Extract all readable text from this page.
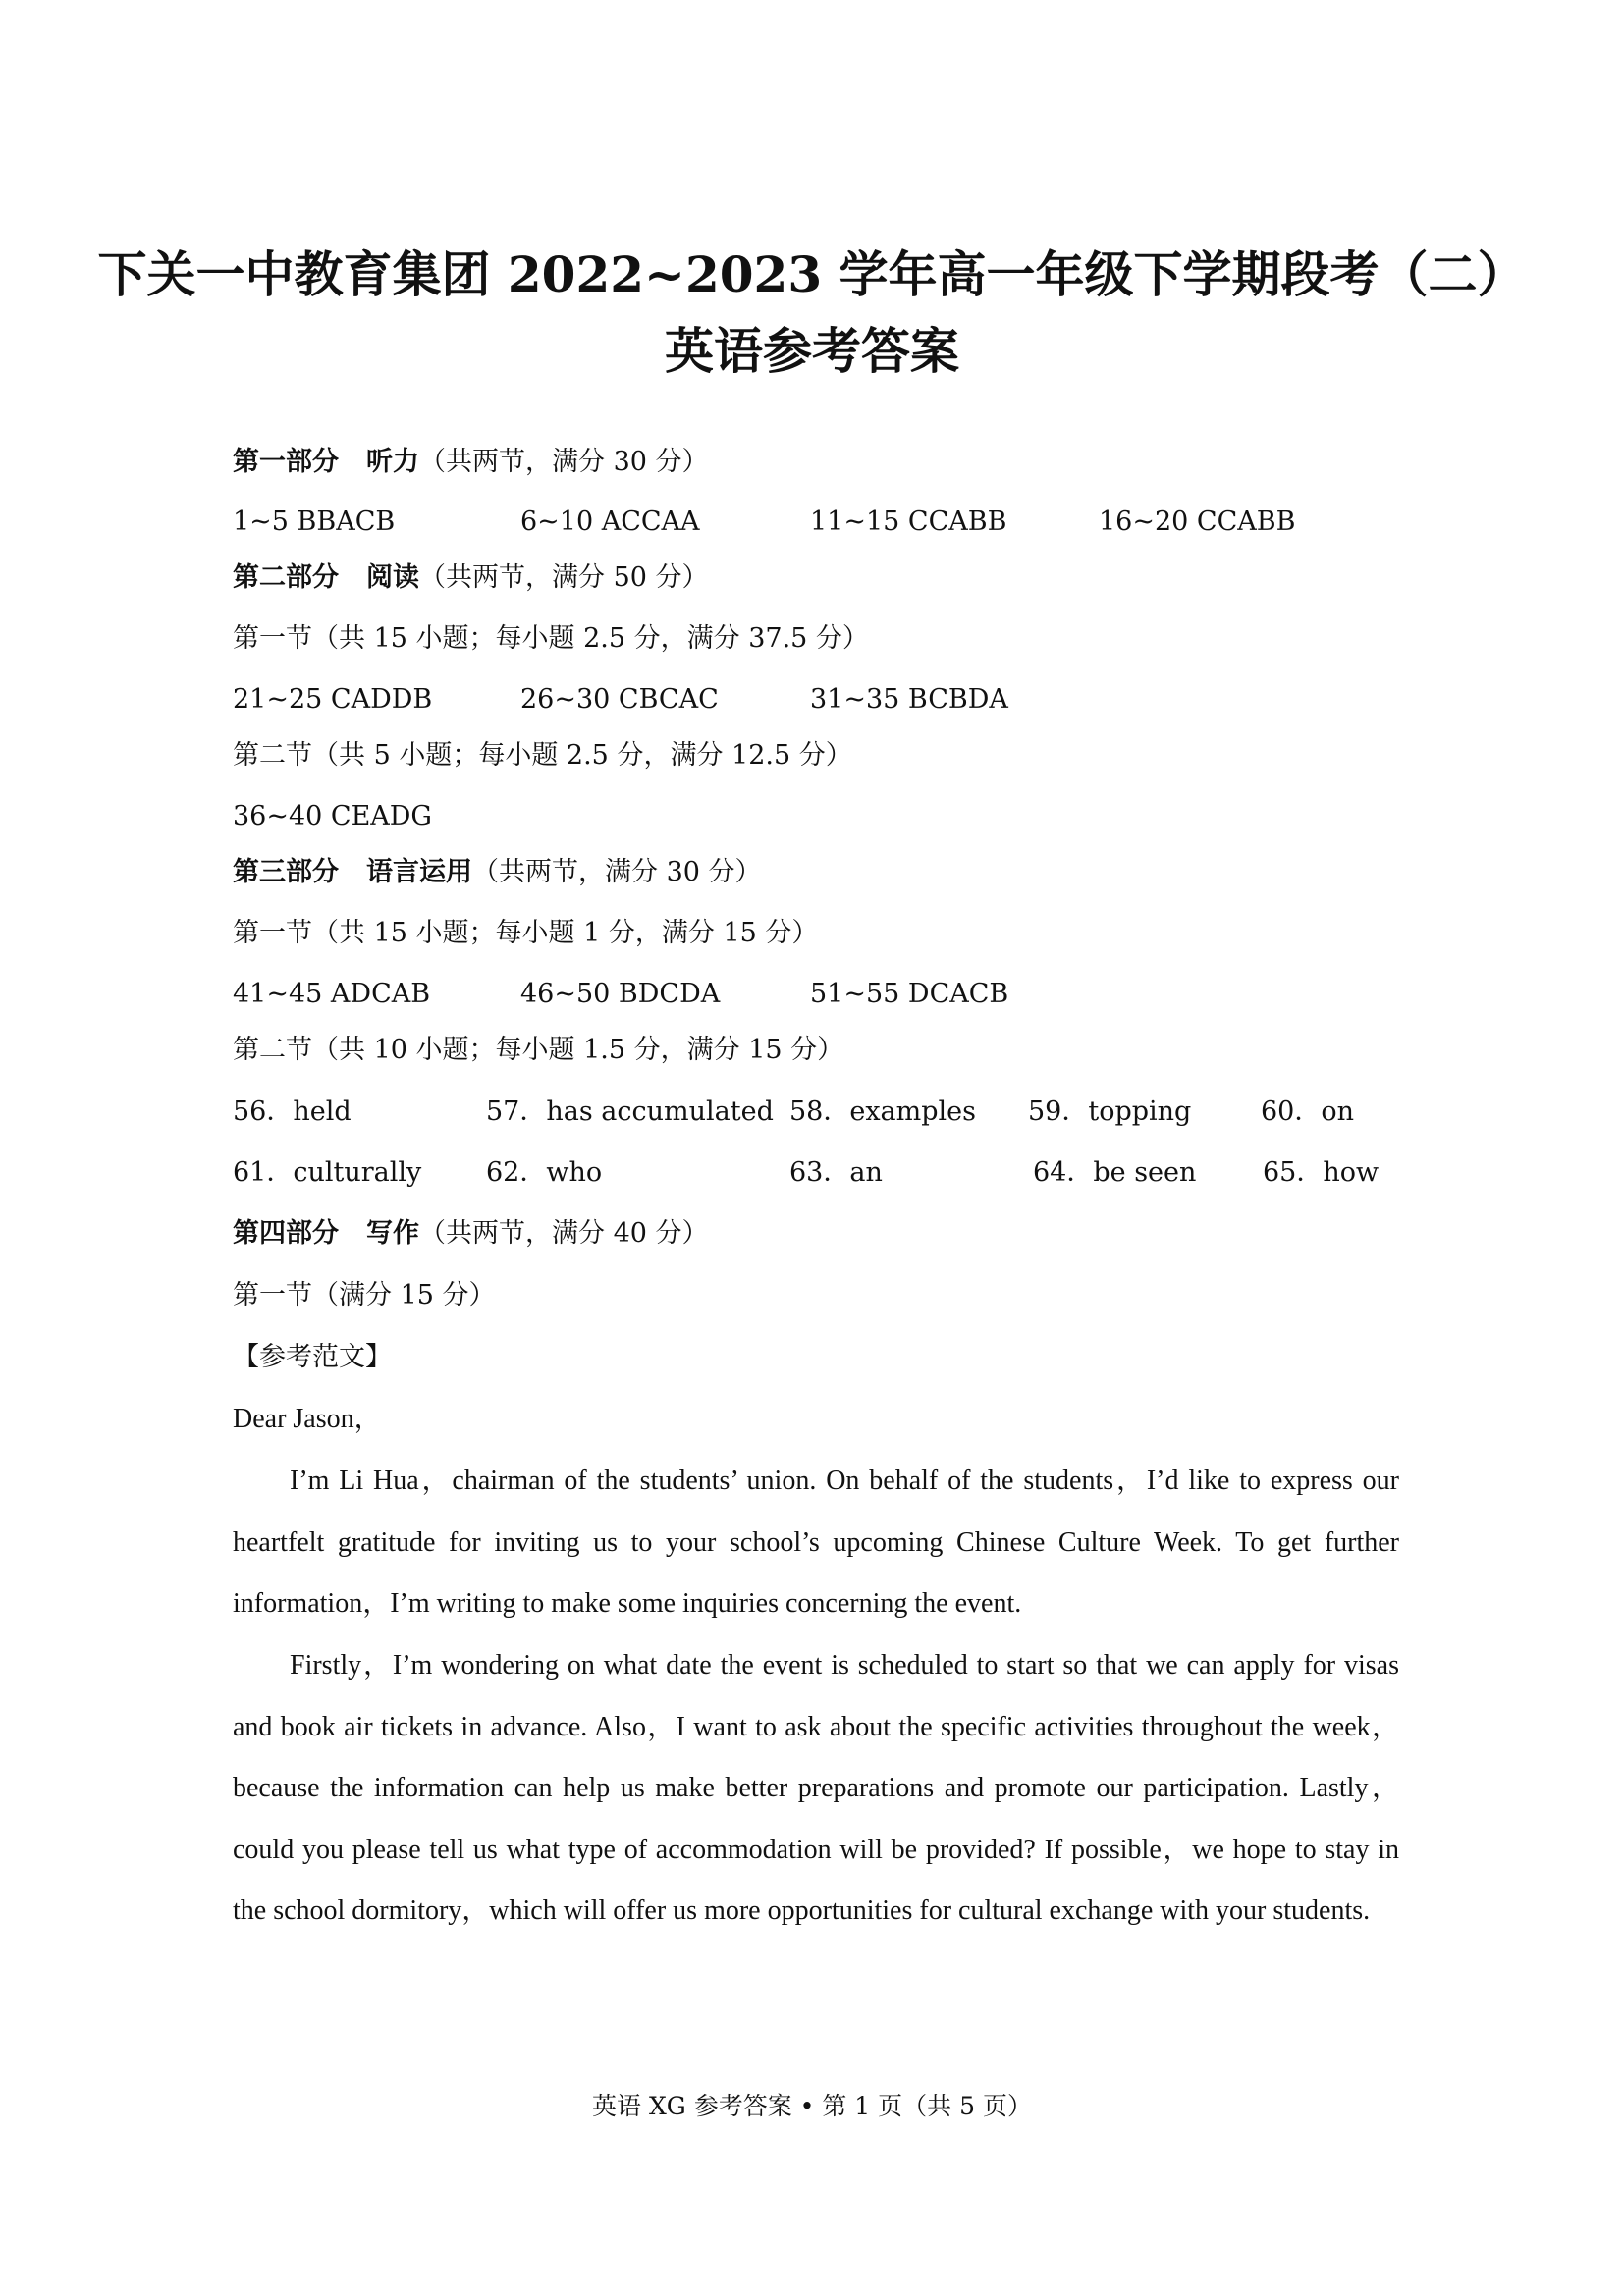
下关一中教育集团 2022~2023 学年高一年级下学期段考（二）
英语参考答案
第一部分 听力（共两节，满分 30 分）
1~5 BBACB	6~10 ACCAA	11~15 CCABB	16~20 CCABB
第二部分 阅读（共两节，满分 50 分）
第一节（共 15 小题；每小题 2.5 分，满分 37.5 分）
21~25 CADDB	26~30 CBCAC	31~35 BCBDA
第二节（共 5 小题；每小题 2.5 分，满分 12.5 分）
36~40 CEADG
第三部分 语言运用（共两节，满分 30 分）
第一节（共 15 小题；每小题 1 分，满分 15 分）
41~45 ADCAB	46~50 BDCDA	51~55 DCACB
第二节（共 10 小题；每小题 1.5 分，满分 15 分）
56．held	57．has accumulated 58．examples 59．topping	60．on
61．culturally 62．who	63．an	64．be seen	65．how
第四部分 写作（共两节，满分 40 分）
第一节（满分 15 分）
【参考范文】
Dear Jason，
I’m Li Hua，chairman of the students’ union. On behalf of the students，I’d like to express our heartfelt gratitude for inviting us to your school’s upcoming Chinese Culture Week. To get further information，I’m writing to make some inquiries concerning the event.
Firstly，I’m wondering on what date the event is scheduled to start so that we can apply for visas and book air tickets in advance. Also，I want to ask about the specific activities throughout the week，because the information can help us make better preparations and promote our participation. Lastly，could you please tell us what type of accommodation will be provided? If possible，we hope to stay in the school dormitory，which will offer us more opportunities for cultural exchange with your students.
英语 XG 参考答案 • 第 1 页（共 5 页）
